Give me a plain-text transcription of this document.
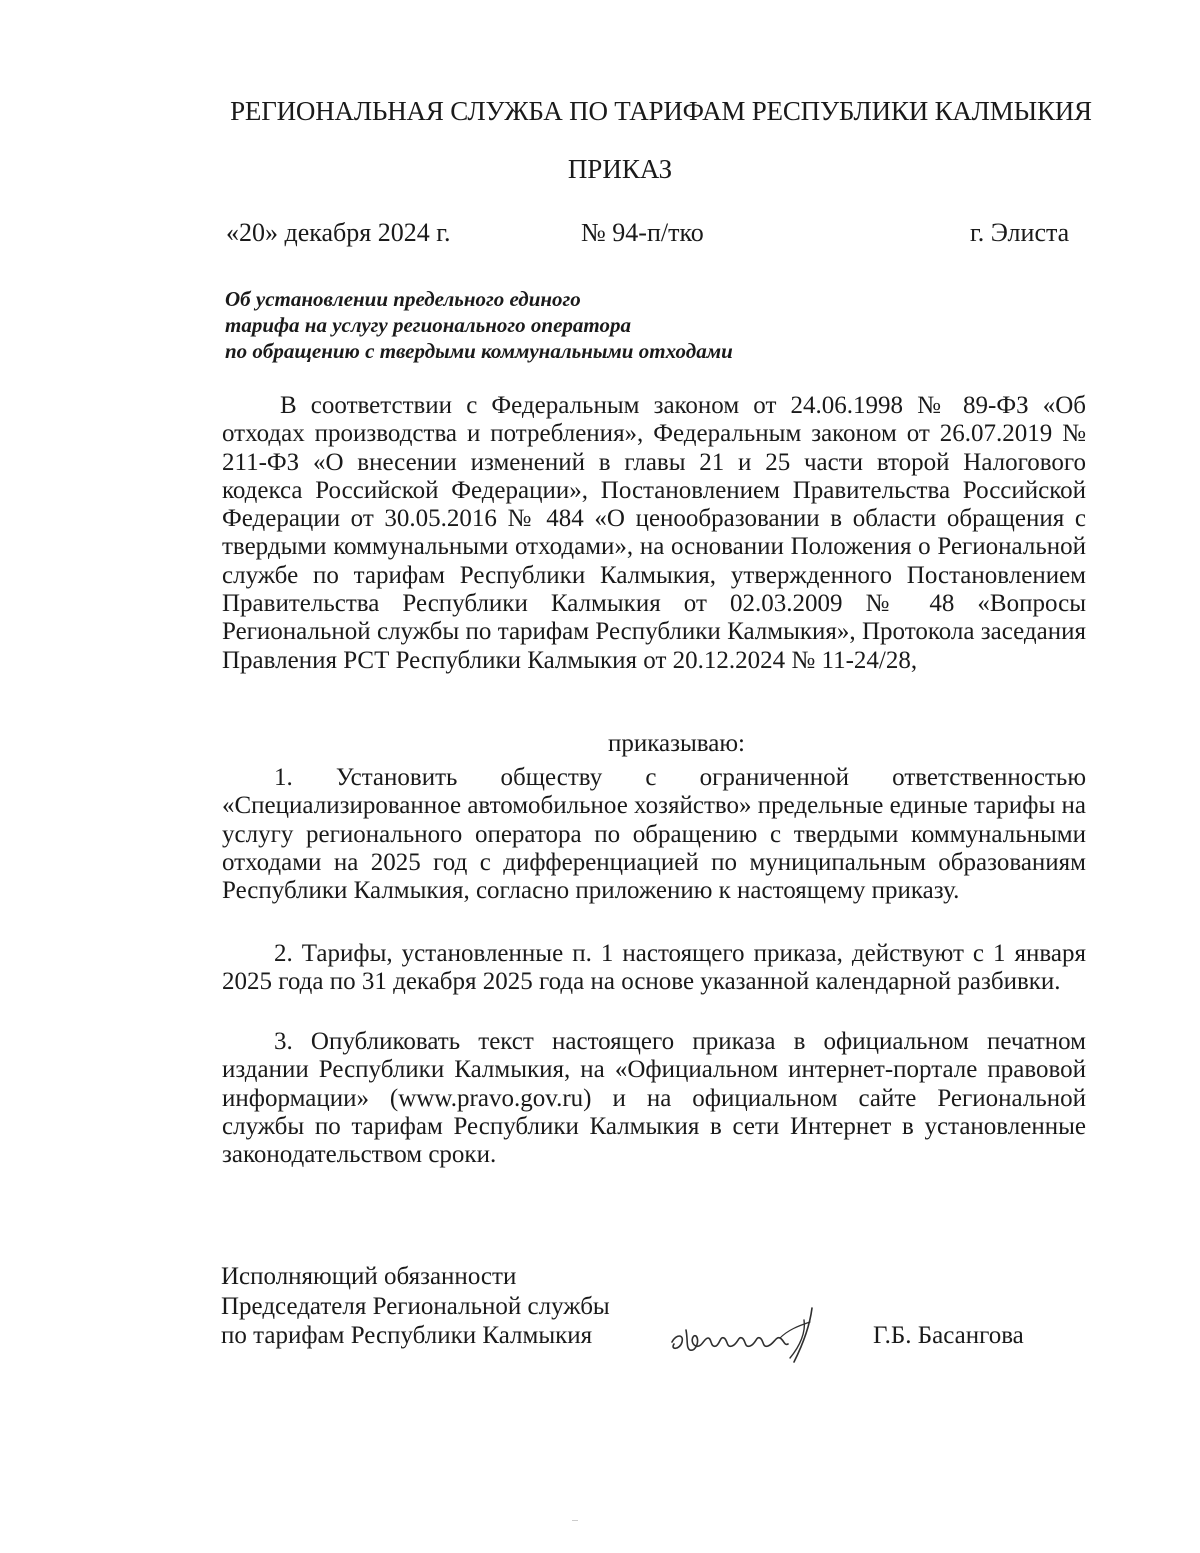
РЕГИОНАЛЬНАЯ СЛУЖБА ПО ТАРИФАМ РЕСПУБЛИКИ КАЛМЫКИЯ
ПРИКАЗ
«20» декабря 2024 г.	№ 94-п/тко	г. Элиста
Об установлении предельного единого
тарифа на услугу регионального оператора
по обращению с твердыми коммунальными отходами
В соответствии с Федеральным законом от 24.06.1998 № 89-ФЗ «Об отходах производства и потребления», Федеральным законом от 26.07.2019 № 211-ФЗ «О внесении изменений в главы 21 и 25 части второй Налогового кодекса Российской Федерации», Постановлением Правительства Российской Федерации от 30.05.2016 № 484 «О ценообразовании в области обращения с твердыми коммунальными отходами», на основании Положения о Региональной службе по тарифам Республики Калмыкия, утвержденного Постановлением Правительства Республики Калмыкия от 02.03.2009 № 48 «Вопросы Региональной службы по тарифам Республики Калмыкия», Протокола заседания Правления РСТ Республики Калмыкия от 20.12.2024 № 11-24/28,
приказываю:
1. Установить обществу с ограниченной ответственностью «Специализированное автомобильное хозяйство» предельные единые тарифы на услугу регионального оператора по обращению с твердыми коммунальными отходами на 2025 год с дифференциацией по муниципальным образованиям Республики Калмыкия, согласно приложению к настоящему приказу.
2. Тарифы, установленные п. 1 настоящего приказа, действуют с 1 января 2025 года по 31 декабря 2025 года на основе указанной календарной разбивки.
3. Опубликовать текст настоящего приказа в официальном печатном издании Республики Калмыкия, на «Официальном интернет-портале правовой информации» (www.pravo.gov.ru) и на официальном сайте Региональной службы по тарифам Республики Калмыкия в сети Интернет в установленные законодательством сроки.
Исполняющий обязанности
Председателя Региональной службы
по тарифам Республики Калмыкия	Г.Б. Басангова
